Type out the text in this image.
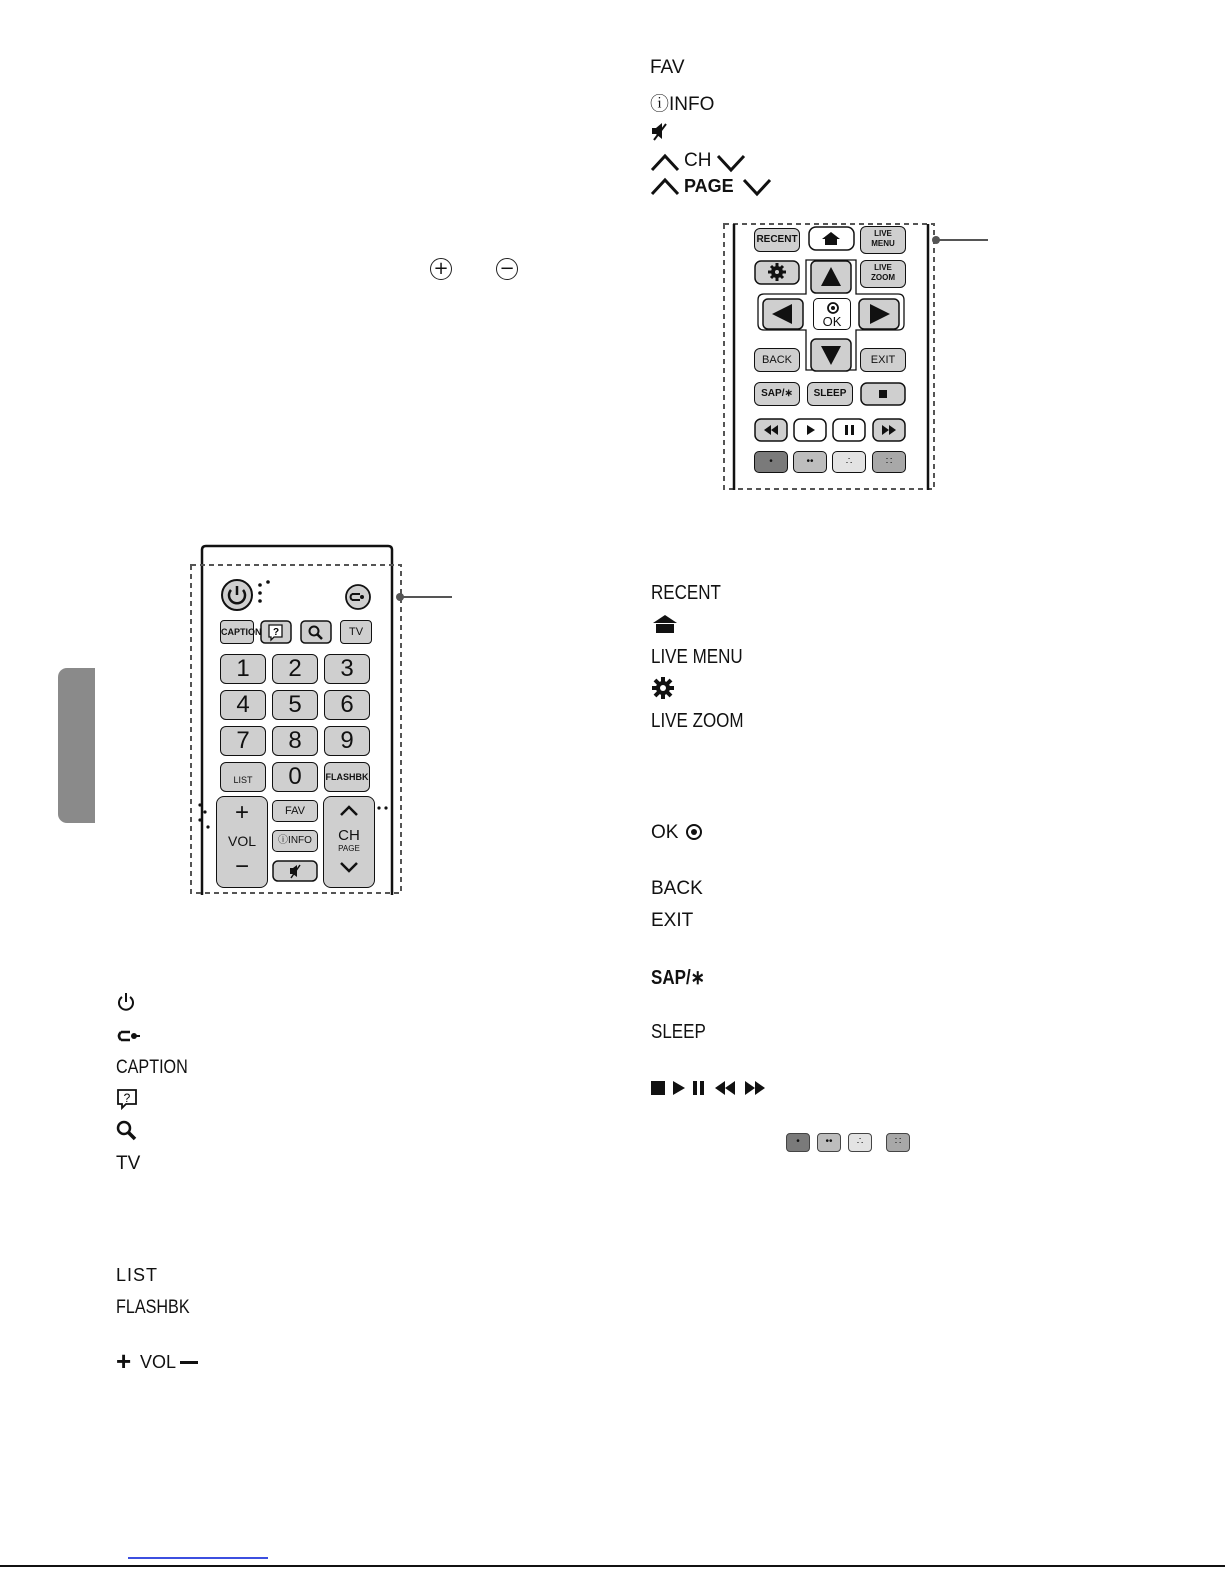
FAV
ⓘINFO
CH
PAGE
+	−
CAPTION ?	TV
1	2	3
4	5	6
7	8	9
LIST	0	FLASHBK
+
VOL
−
FAV
ⓘINFO	CH
PAGE
RECENT
LIVE
MENU
LIVE
ZOOM
OK
BACK	EXIT
SAP/∗	SLEEP
•	••	∴	∷
CAPTION
?
TV
LIST
FLASHBK
+ VOL
RECENT
LIVE MENU
LIVE ZOOM
OK
BACK
EXIT
SAP/∗
SLEEP
•	••	∴	∷
